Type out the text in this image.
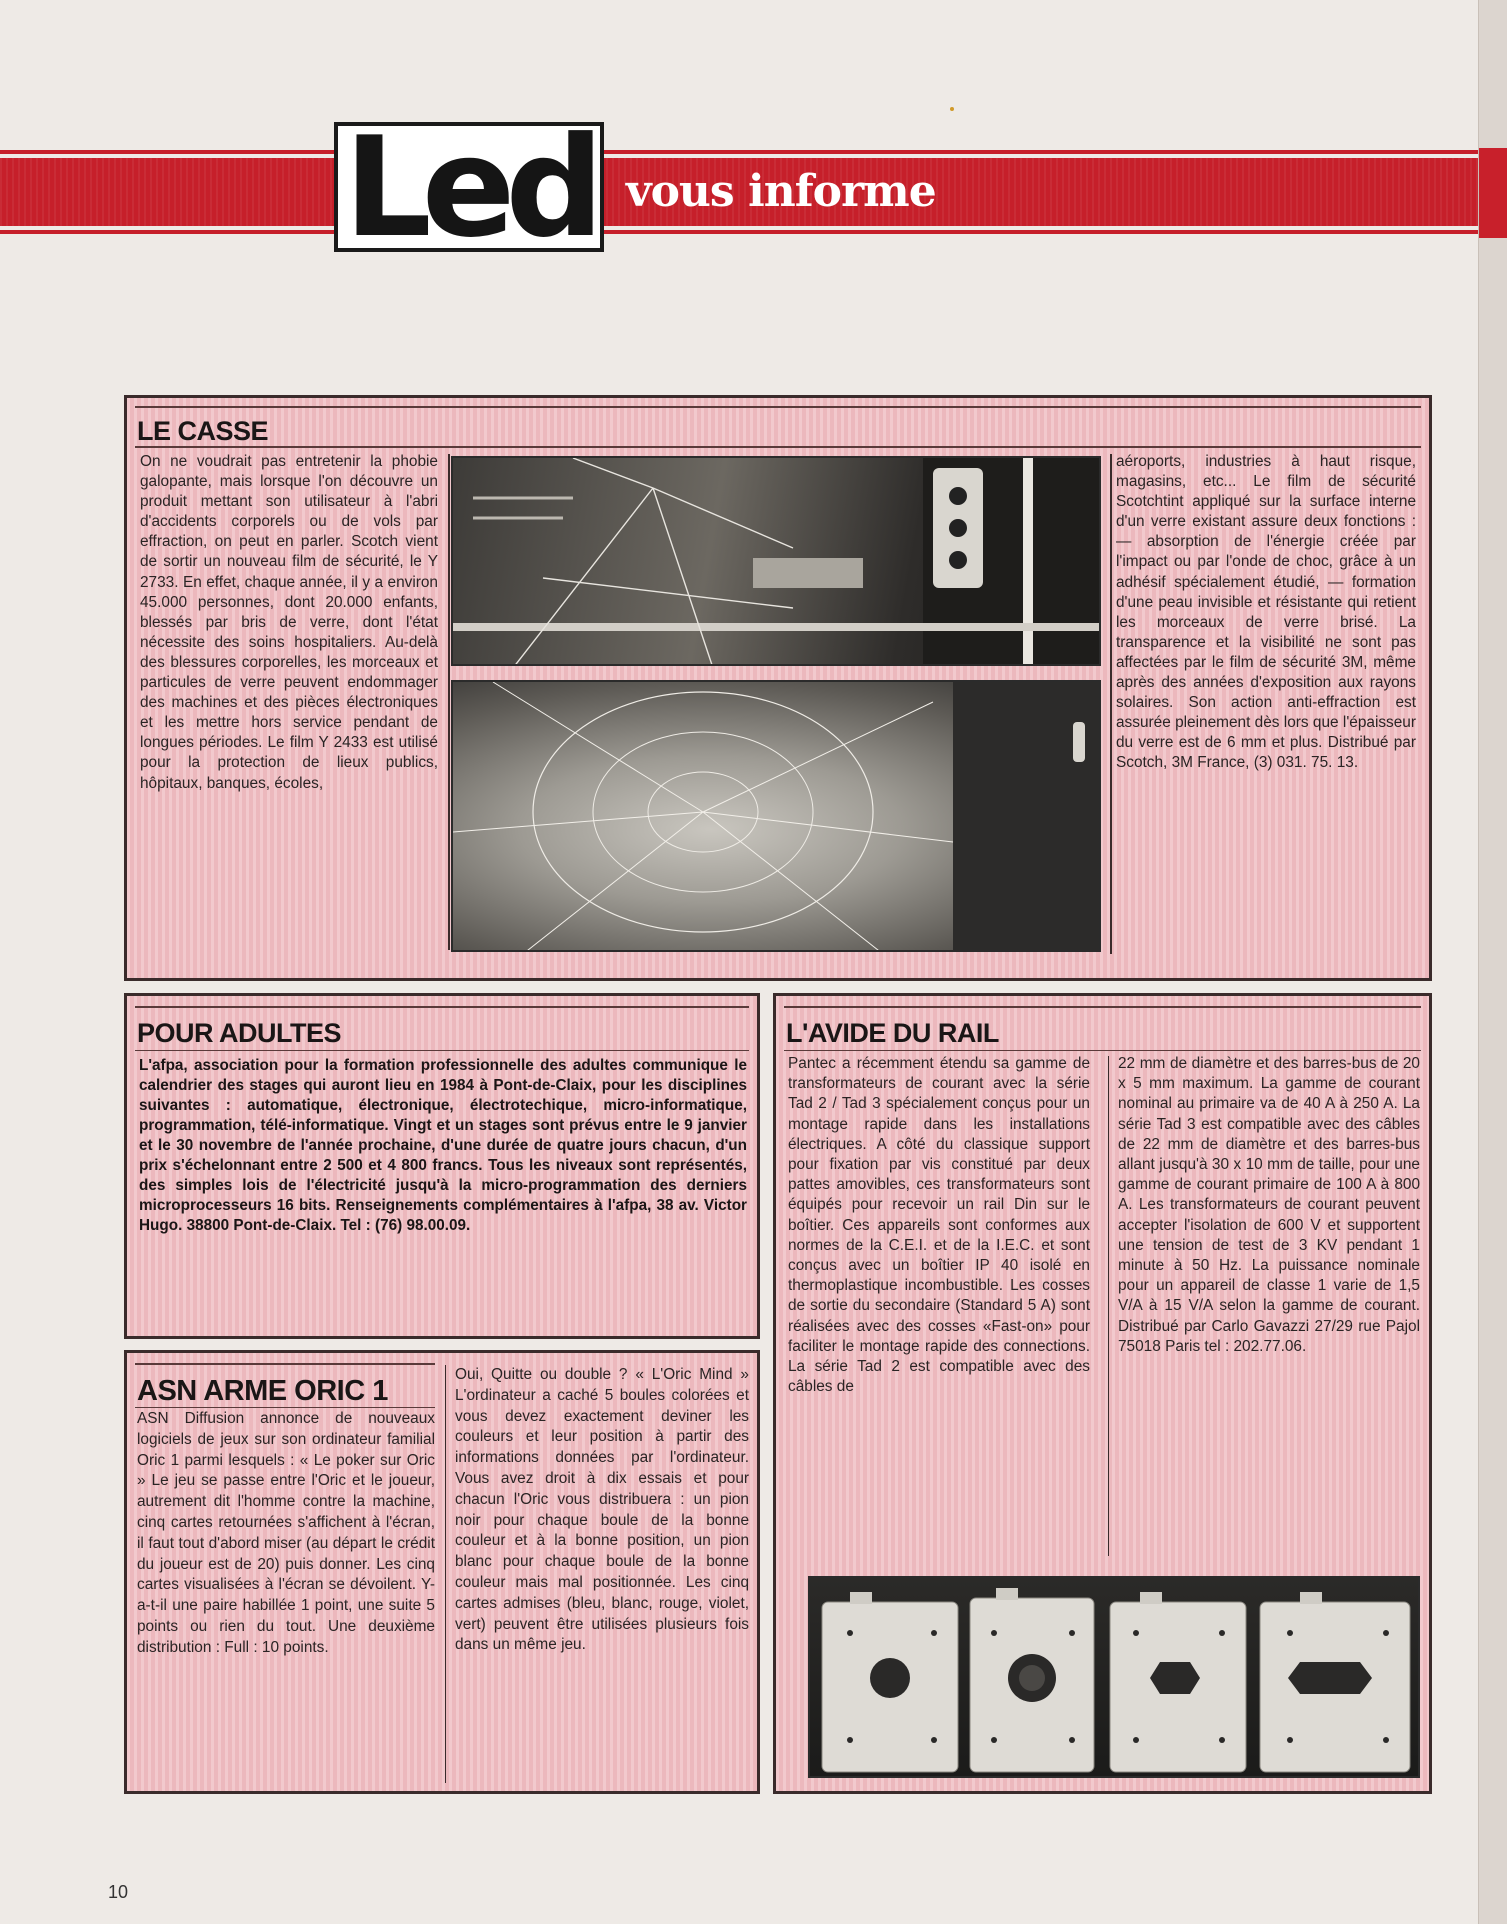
Led vous informe
LE CASSE
On ne voudrait pas entretenir la phobie galopante, mais lorsque l'on découvre un produit mettant son utilisateur à l'abri d'accidents corporels ou de vols par effraction, on peut en parler. Scotch vient de sortir un nouveau film de sécurité, le Y 2733. En effet, chaque année, il y a environ 45.000 personnes, dont 20.000 enfants, blessés par bris de verre, dont l'état nécessite des soins hospitaliers. Au-delà des blessures corporelles, les morceaux et particules de verre peuvent endommager des machines et des pièces électroniques et les mettre hors service pendant de longues périodes. Le film Y 2433 est utilisé pour la protection de lieux publics, hôpitaux, banques, écoles,
aéroports, industries à haut risque, magasins, etc... Le film de sécurité Scotchtint appliqué sur la surface interne d'un verre existant assure deux fonctions : — absorption de l'énergie créée par l'impact ou par l'onde de choc, grâce à un adhésif spécialement étudié, — formation d'une peau invisible et résistante qui retient les morceaux de verre brisé. La transparence et la visibilité ne sont pas affectées par le film de sécurité 3M, même après des années d'exposition aux rayons solaires. Son action anti-effraction est assurée pleinement dès lors que l'épaisseur du verre est de 6 mm et plus. Distribué par Scotch, 3M France, (3) 031. 75. 13.
POUR ADULTES
L'afpa, association pour la formation professionnelle des adultes communique le calendrier des stages qui auront lieu en 1984 à Pont-de-Claix, pour les disciplines suivantes : automatique, électronique, électrotechique, micro-informatique, programmation, télé-informatique. Vingt et un stages sont prévus entre le 9 janvier et le 30 novembre de l'année prochaine, d'une durée de quatre jours chacun, d'un prix s'échelonnant entre 2 500 et 4 800 francs. Tous les niveaux sont représentés, des simples lois de l'électricité jusqu'à la micro-programmation des derniers microprocesseurs 16 bits. Renseignements complémentaires à l'afpa, 38 av. Victor Hugo. 38800 Pont-de-Claix. Tel : (76) 98.00.09.
ASN ARME ORIC 1
ASN Diffusion annonce de nouveaux logiciels de jeux sur son ordinateur familial Oric 1 parmi lesquels : « Le poker sur Oric » Le jeu se passe entre l'Oric et le joueur, autrement dit l'homme contre la machine, cinq cartes retournées s'affichent à l'écran, il faut tout d'abord miser (au départ le crédit du joueur est de 20) puis donner. Les cinq cartes visualisées à l'écran se dévoilent. Y-a-t-il une paire habillée 1 point, une suite 5 points ou rien du tout. Une deuxième distribution : Full : 10 points.
Oui, Quitte ou double ? « L'Oric Mind » L'ordinateur a caché 5 boules colorées et vous devez exactement deviner les couleurs et leur position à partir des informations données par l'ordinateur. Vous avez droit à dix essais et pour chacun l'Oric vous distribuera : un pion noir pour chaque boule de la bonne couleur et à la bonne position, un pion blanc pour chaque boule de la bonne couleur mais mal positionnée. Les cinq cartes admises (bleu, blanc, rouge, violet, vert) peuvent être utilisées plusieurs fois dans un même jeu.
L'AVIDE DU RAIL
Pantec a récemment étendu sa gamme de transformateurs de courant avec la série Tad 2 / Tad 3 spécialement conçus pour un montage rapide dans les installations électriques. A côté du classique support pour fixation par vis constitué par deux pattes amovibles, ces transformateurs sont équipés pour recevoir un rail Din sur le boîtier. Ces appareils sont conformes aux normes de la C.E.I. et de la I.E.C. et sont conçus avec un boîtier IP 40 isolé en thermoplastique incombustible. Les cosses de sortie du secondaire (Standard 5 A) sont réalisées avec des cosses «Fast-on» pour faciliter le montage rapide des connections. La série Tad 2 est compatible avec des câbles de
22 mm de diamètre et des barres-bus de 20 x 5 mm maximum. La gamme de courant nominal au primaire va de 40 A à 250 A. La série Tad 3 est compatible avec des câbles de 22 mm de diamètre et des barres-bus allant jusqu'à 30 x 10 mm de taille, pour une gamme de courant primaire de 100 A à 800 A. Les transformateurs de courant peuvent accepter l'isolation de 600 V et supportent une tension de test de 3 KV pendant 1 minute à 50 Hz. La puissance nominale pour un appareil de classe 1 varie de 1,5 V/A à 15 V/A selon la gamme de courant. Distribué par Carlo Gavazzi 27/29 rue Pajol 75018 Paris tel : 202.77.06.
10
